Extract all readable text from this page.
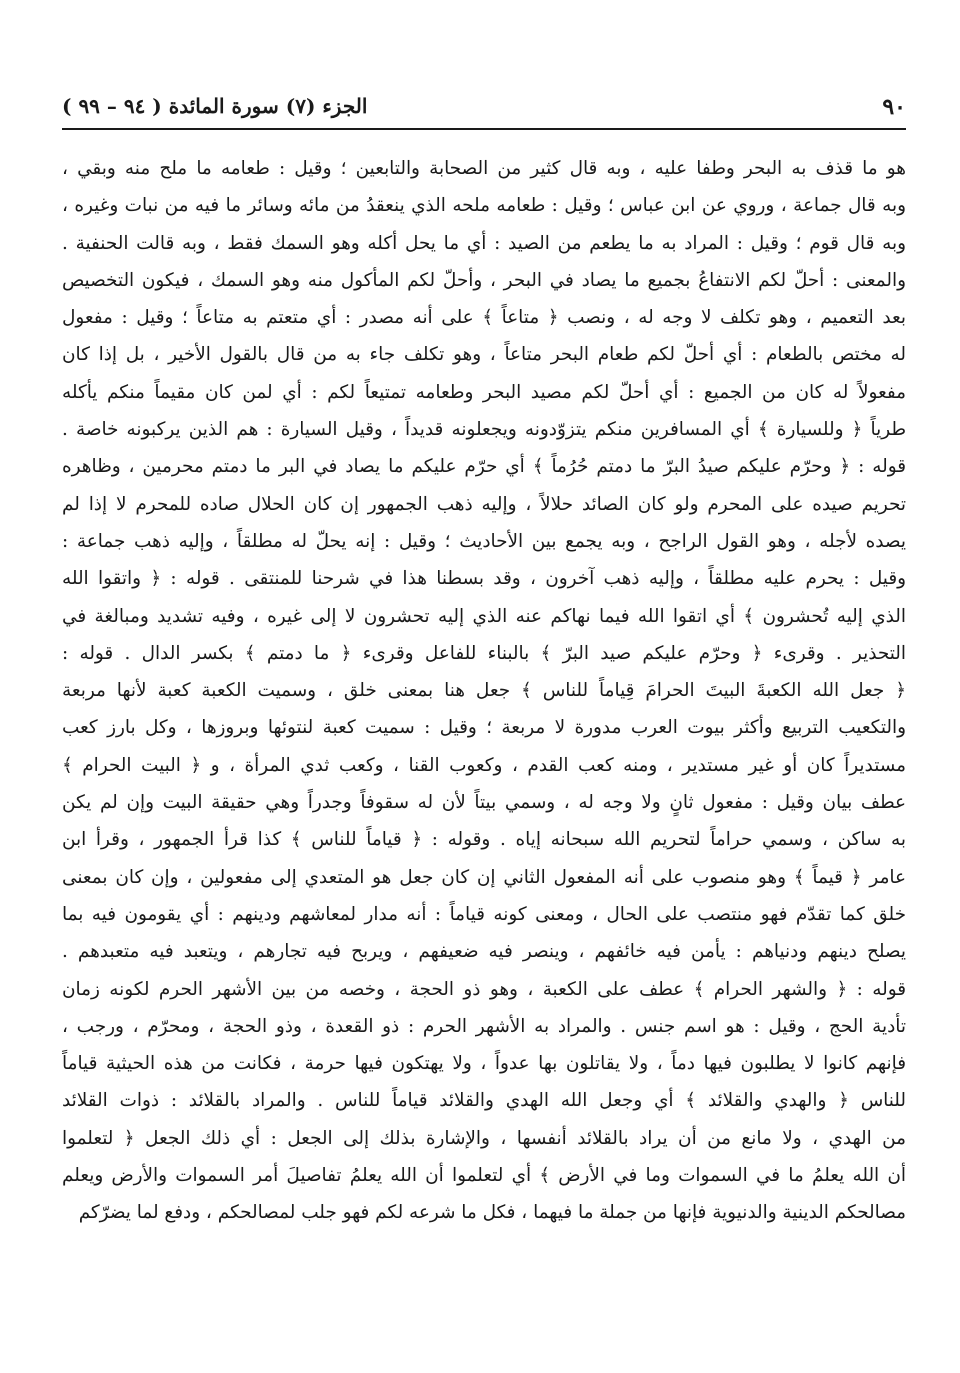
٩٠
الجزء (٧) سورة المائدة ( ٩٤ – ٩٩ )
هو ما قذف به البحر وطفا عليه ، وبه قال كثير من الصحابة والتابعين ؛ وقيل : طعامه ما ملح منه وبقي ،
وبه قال جماعة ، وروي عن ابن عباس ؛ وقيل : طعامه ملحه الذي ينعقدُ من مائه وسائر ما فيه من نبات وغيره ،
وبه قال قوم ؛ وقيل : المراد به ما يطعم من الصيد : أي ما يحل أكله وهو السمك فقط ، وبه قالت الحنفية .
والمعنى : أحلّ لكم الانتفاعُ بجميع ما يصاد في البحر ، وأحلّ لكم المأكول منه وهو السمك ، فيكون التخصيص
بعد التعميم ، وهو تكلف لا وجه له ، ونصب ﴿ متاعاً ﴾ على أنه مصدر : أي متعتم به متاعاً ؛ وقيل : مفعول
له مختص بالطعام : أي أحلّ لكم طعام البحر متاعاً ، وهو تكلف جاء به من قال بالقول الأخير ، بل إذا كان
مفعولاً له كان من الجميع : أي أحلّ لكم مصيد البحر وطعامه تمتيعاً لكم : أي لمن كان مقيماً منكم يأكله
طرياً ﴿ وللسيارة ﴾ أي المسافرين منكم يتزوّدونه ويجعلونه قديداً ، وقيل السيارة : هم الذين يركبونه خاصة .
قوله : ﴿ وحرّم عليكم صيدُ البرّ ما دمتم حُرُماً ﴾ أي حرّم عليكم ما يصاد في البر ما دمتم محرمين ، وظاهره
تحريم صيده على المحرم ولو كان الصائد حلالاً ، وإليه ذهب الجمهور إن كان الحلال صاده للمحرم لا إذا لم
يصده لأجله ، وهو القول الراجح ، وبه يجمع بين الأحاديث ؛ وقيل : إنه يحلّ له مطلقاً ، وإليه ذهب جماعة :
وقيل : يحرم عليه مطلقاً ، وإليه ذهب آخرون ، وقد بسطنا هذا في شرحنا للمنتقى . قوله : ﴿ واتقوا الله
الذي إليه تُحشرون ﴾ أي اتقوا الله فيما نهاكم عنه الذي إليه تحشرون لا إلى غيره ، وفيه تشديد ومبالغة في
التحذير . وقرىء ﴿ وحرّم عليكم صيد البرّ ﴾ بالبناء للفاعل وقرىء ﴿ ما دمتم ﴾ بكسر الدال . قوله :
﴿ جعل الله الكعبةَ البيتَ الحرامَ قِياماً للناس ﴾ جعل هنا بمعنى خلق ، وسميت الكعبة كعبة لأنها مربعة
والتكعيب التربيع وأكثر بيوت العرب مدورة لا مربعة ؛ وقيل : سميت كعبة لنتوئها وبروزها ، وكل بارز كعب
مستديراً كان أو غير مستدير ، ومنه كعب القدم ، وكعوب القنا ، وكعب ثدي المرأة ، و ﴿ البيت الحرام ﴾
عطف بيان وقيل : مفعول ثانٍ ولا وجه له ، وسمي بيتاً لأن له سقوفاً وجدراً وهي حقيقة البيت وإن لم يكن
به ساكن ، وسمي حراماً لتحريم الله سبحانه إياه . وقوله : ﴿ قياماً للناس ﴾ كذا قرأ الجمهور ، وقرأ ابن
عامر ﴿ قيماً ﴾ وهو منصوب على أنه المفعول الثاني إن كان جعل هو المتعدي إلى مفعولين ، وإن كان بمعنى
خلق كما تقدّم فهو منتصب على الحال ، ومعنى كونه قياماً : أنه مدار لمعاشهم ودينهم : أي يقومون فيه بما
يصلح دينهم ودنياهم : يأمن فيه خائفهم ، وينصر فيه ضعيفهم ، ويربح فيه تجارهم ، ويتعبد فيه متعبدهم .
قوله : ﴿ والشهر الحرام ﴾ عطف على الكعبة ، وهو ذو الحجة ، وخصه من بين الأشهر الحرم لكونه زمان
تأدية الحج ، وقيل : هو اسم جنس . والمراد به الأشهر الحرم : ذو القعدة ، وذو الحجة ، ومحرّم ، ورجب ،
فإنهم كانوا لا يطلبون فيها دماً ، ولا يقاتلون بها عدواً ، ولا يهتكون فيها حرمة ، فكانت من هذه الحيثية قياماً
للناس ﴿ والهدي والقلائد ﴾ أي وجعل الله الهدي والقلائد قياماً للناس . والمراد بالقلائد : ذوات القلائد
من الهدي ، ولا مانع من أن يراد بالقلائد أنفسها ، والإشارة بذلك إلى الجعل : أي ذلك الجعل ﴿ لتعلموا
أن الله يعلمُ ما في السموات وما في الأرض ﴾ أي لتعلموا أن الله يعلمُ تفاصيلَ أمر السموات والأرض ويعلم
مصالحكم الدينية والدنيوية فإنها من جملة ما فيهما ، فكل ما شرعه لكم فهو جلب لمصالحكم ، ودفع لما يضرّكم
